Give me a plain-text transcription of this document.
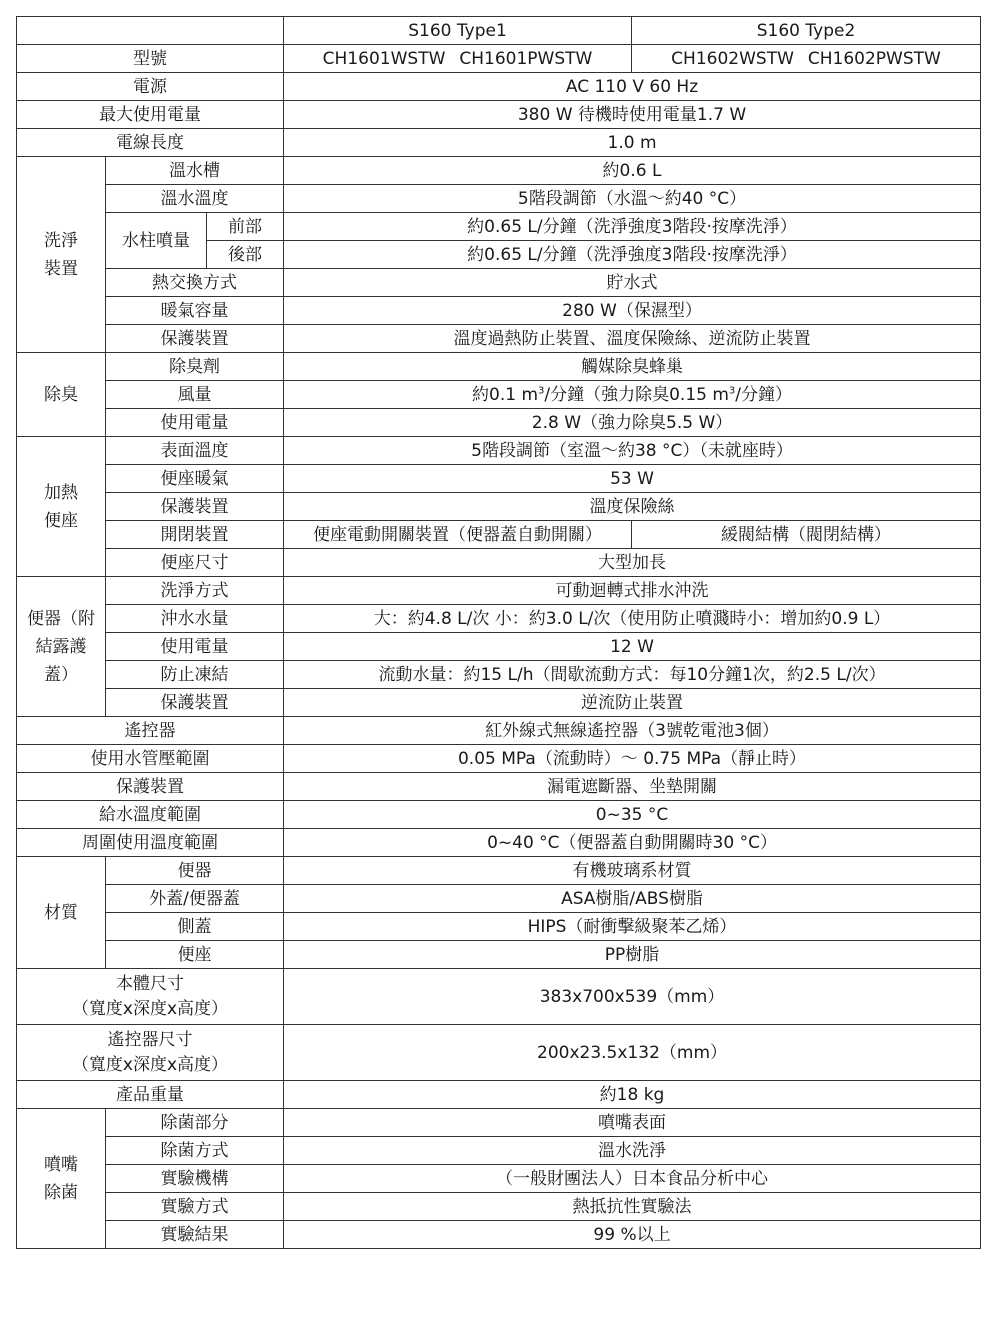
			S160 Type1	S160 Type2
型號			CH1601WSTW CH1601PWSTW	CH1602WSTW CH1602PWSTW
電源			AC 110 V 60 Hz	
最大使用電量			380 W 待機時使用電量1.7 W	
電線長度			1.0 m	
洗淨裝置	溫水槽		約0.6 L	
	溫水溫度		5階段調節（水溫～約40 °C）	
	水柱噴量	前部	約0.65 L/分鐘（洗淨強度3階段‧按摩洗淨）	
		後部	約0.65 L/分鐘（洗淨強度3階段‧按摩洗淨）	
	熱交換方式		貯水式	
	暖氣容量		280 W（保濕型）	
	保護裝置		溫度過熱防止裝置、溫度保險絲、逆流防止裝置	
除臭	除臭劑		觸媒除臭蜂巢	
	風量		約0.1 $m^3/$分鐘（強力除臭0.15 $m^3/$分鐘）	
	使用電量		2.8 W（強力除臭5.5 W）	
加熱便座	表面溫度		5階段調節（室溫～約38 °C）（未就座時）	
	便座暖氣		53 W	
	保護裝置		溫度保險絲	
	開閉裝置		便座電動開關裝置（便器蓋自動開關）	緩閥結構（閥閉結構）
	便座尺寸		大型加長	
便器（附結露護蓋）	洗淨方式		可動迴轉式排水沖洗	
	沖水水量		大：約4.8 L/次 小：約3.0 L/次（使用防止噴濺時小：增加約0.9 L）	
	使用電量		12 W	
	防止凍結		流動水量：約15 L/h（間歇流動方式：每10分鐘1次，約2.5 L/次）	
	保護裝置		逆流防止裝置	
遙控器			紅外線式無線遙控器（3號乾電池3個）	
使用水管壓範圍			0.05 MPa（流動時）～ 0.75 MPa（靜止時）	
保護裝置			漏電遮斷器、坐墊開關	
給水溫度範圍			0~35 °C	
周圍使用溫度範圍			0~40 °C（便器蓋自動開關時30 °C）	
材質	便器		有機玻璃系材質	
	外蓋/便器蓋		ASA樹脂/ABS樹脂	
	側蓋		HIPS（耐衝擊級聚苯乙烯）	
	便座		PP樹脂	

本體尺寸
（寬度x深度x高度）			383x700x539（mm）	

遙控器尺寸
（寬度x深度x高度）			200x23.5x132（mm）	
產品重量			約18 kg	
噴嘴除菌	除菌部分		噴嘴表面	
	除菌方式		溫水洗淨	
	實驗機構		（一般財團法人）日本食品分析中心	
	實驗方式		熱抵抗性實驗法	
	實驗結果		99 %以上	
